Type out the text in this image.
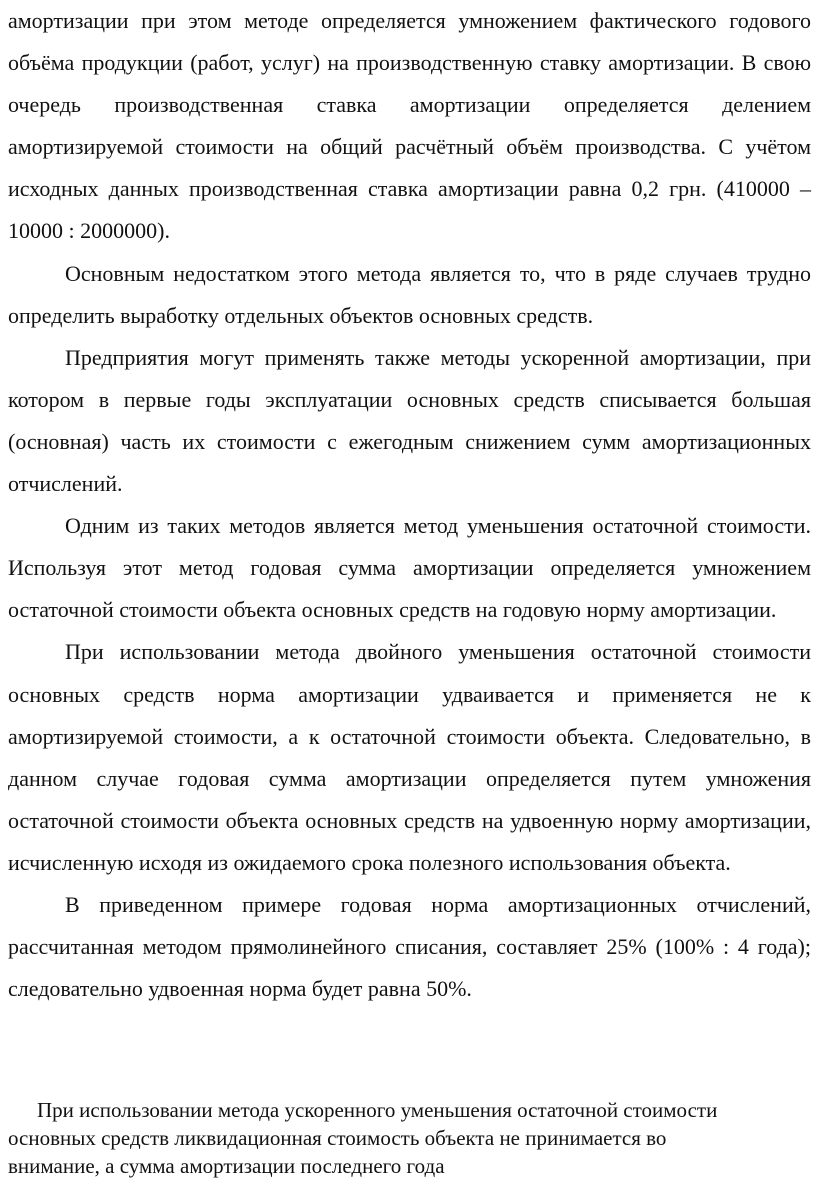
амортизации при этом методе определяется умножением фактического годового объёма продукции (работ, услуг) на производственную ставку амортизации. В свою очередь производственная ставка амортизации определяется делением амортизируемой стоимости на общий расчётный объём производства. С учётом исходных данных производственная ставка амортизации равна 0,2 грн. (410000 – 10000 : 2000000).

Основным недостатком этого метода является то, что в ряде случаев трудно определить выработку отдельных объектов основных средств.

Предприятия могут применять также методы ускоренной амортизации, при котором в первые годы эксплуатации основных средств списывается большая (основная) часть их стоимости с ежегодным снижением сумм амортизационных отчислений.

Одним из таких методов является метод уменьшения остаточной стоимости. Используя этот метод годовая сумма амортизации определяется умножением остаточной стоимости объекта основных средств на годовую норму амортизации.

При использовании метода двойного уменьшения остаточной стоимости основных средств норма амортизации удваивается и применяется не к амортизируемой стоимости, а к остаточной стоимости объекта. Следовательно, в данном случае годовая сумма амортизации определяется путем умножения остаточной стоимости объекта основных средств на удвоенную норму амортизации, исчисленную исходя из ожидаемого срока полезного использования объекта.

В приведенном примере годовая норма амортизационных отчислений, рассчитанная методом прямолинейного списания, составляет 25% (100% : 4 года); следовательно удвоенная норма будет равна 50%.

При использовании метода ускоренного уменьшения остаточной стоимости основных средств ликвидационная стоимость объекта не принимается во внимание, а сумма амортизации последнего года
